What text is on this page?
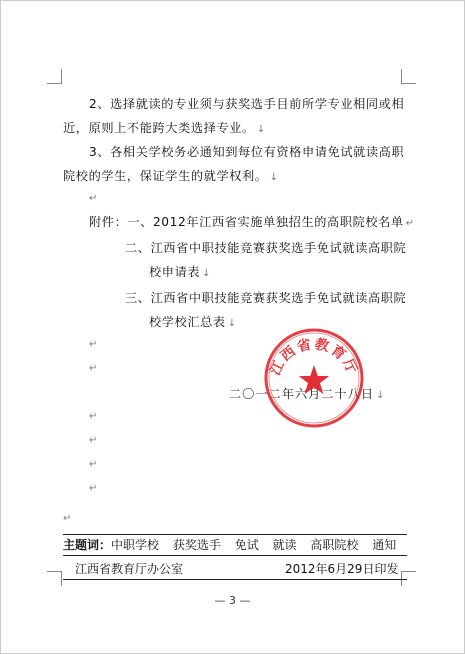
2、选择就读的专业须与获奖选手目前所学专业相同或相
近，原则上不能跨大类选择专业。 ↓
3、各相关学校务必通知到每位有资格申请免试就读高职
院校的学生，保证学生的就学权利。 ↓
↵
附件：一、2012年江西省实施单独招生的高职院校名单 ↵
二、江西省中职技能竞赛获奖选手免试就读高职院
校申请表 ↓
三、江西省中职技能竞赛获奖选手免试就读高职院
校学校汇总表 ↓
↵
↵
↵
↵
↵
↵
↵
二〇一二年六月二十八日 ↓
江西省教育厅
主题词：中职学校 获奖选手 免试 就读 高职院校 通知
江西省教育厅办公室	2012年6月29日印发
— 3 —
